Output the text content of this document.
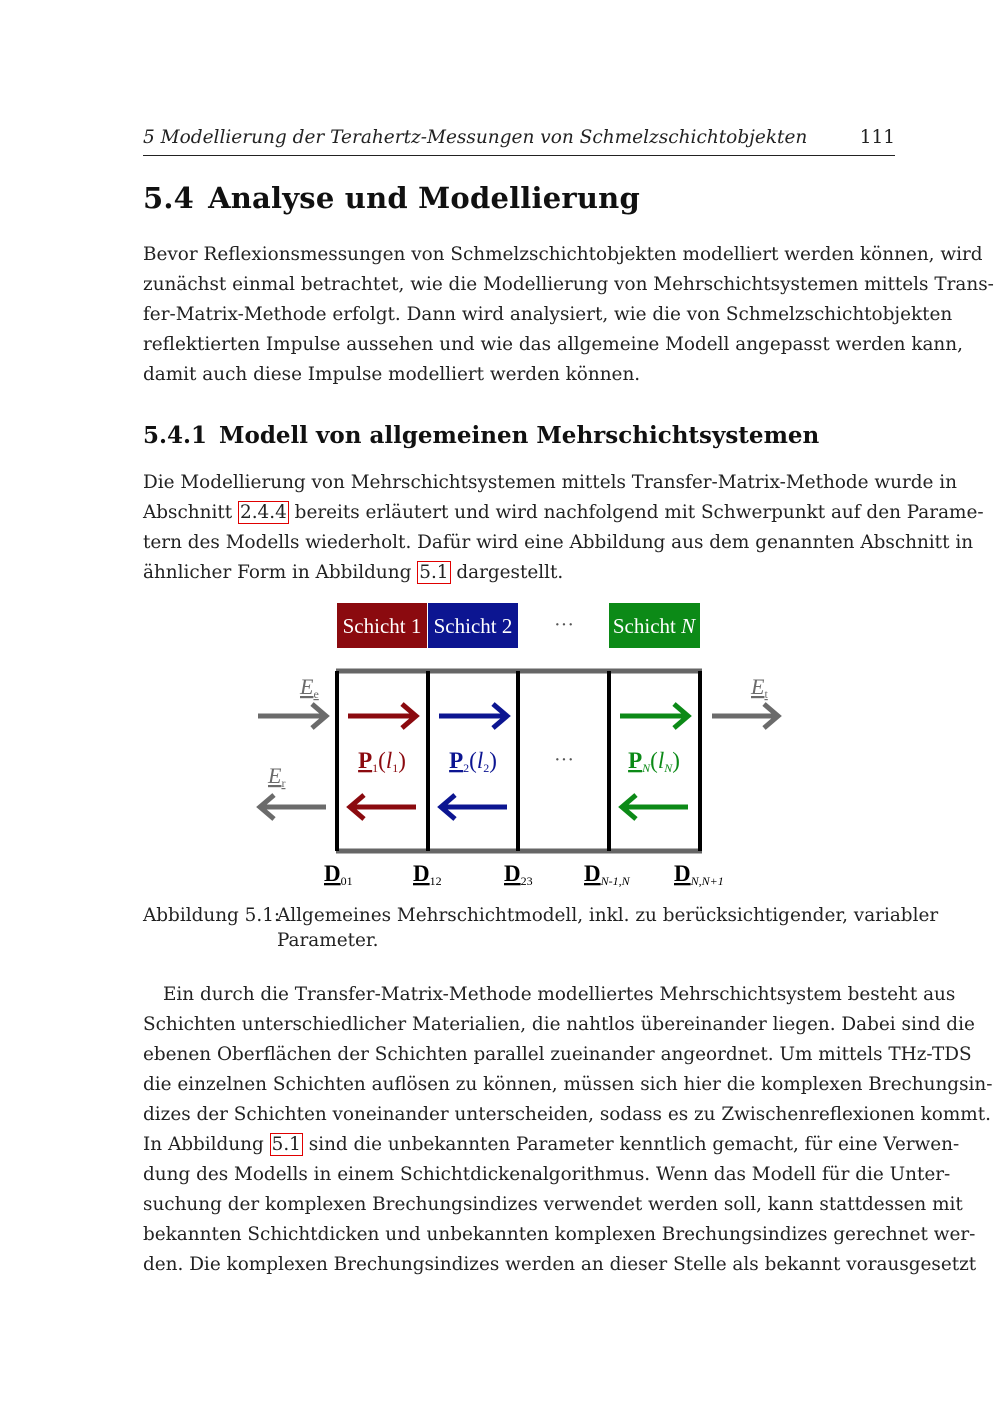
5 Modellierung der Terahertz-Messungen von Schmelzschichtobjekten	111
5.4 Analyse und Modellierung
Bevor Reflexionsmessungen von Schmelzschichtobjekten modelliert werden können, wird
zunächst einmal betrachtet, wie die Modellierung von Mehrschichtsystemen mittels Trans-
fer-Matrix-Methode erfolgt. Dann wird analysiert, wie die von Schmelzschichtobjekten
reflektierten Impulse aussehen und wie das allgemeine Modell angepasst werden kann,
damit auch diese Impulse modelliert werden können.
5.4.1 Modell von allgemeinen Mehrschichtsystemen
Die Modellierung von Mehrschichtsystemen mittels Transfer-Matrix-Methode wurde in
Abschnitt 2.4.4 bereits erläutert und wird nachfolgend mit Schwerpunkt auf den Parame-
tern des Modells wiederholt. Dafür wird eine Abbildung aus dem genannten Abschnitt in
ähnlicher Form in Abbildung 5.1 dargestellt.
Schicht 1 Schicht 2 ··· Schicht N
Ee
Er
Et
P1(l1) P2(l2)	··· PN(lN)
D01	D12	D23 DN-1,N DN,N+1
Abbildung 5.1:
Allgemeines Mehrschichtmodell, inkl. zu berücksichtigender, variabler
Parameter.
Ein durch die Transfer-Matrix-Methode modelliertes Mehrschichtsystem besteht aus
Schichten unterschiedlicher Materialien, die nahtlos übereinander liegen. Dabei sind die
ebenen Oberflächen der Schichten parallel zueinander angeordnet. Um mittels THz-TDS
die einzelnen Schichten auflösen zu können, müssen sich hier die komplexen Brechungsin-
dizes der Schichten voneinander unterscheiden, sodass es zu Zwischenreflexionen kommt.
In Abbildung 5.1 sind die unbekannten Parameter kenntlich gemacht, für eine Verwen-
dung des Modells in einem Schichtdickenalgorithmus. Wenn das Modell für die Unter-
suchung der komplexen Brechungsindizes verwendet werden soll, kann stattdessen mit
bekannten Schichtdicken und unbekannten komplexen Brechungsindizes gerechnet wer-
den. Die komplexen Brechungsindizes werden an dieser Stelle als bekannt vorausgesetzt
